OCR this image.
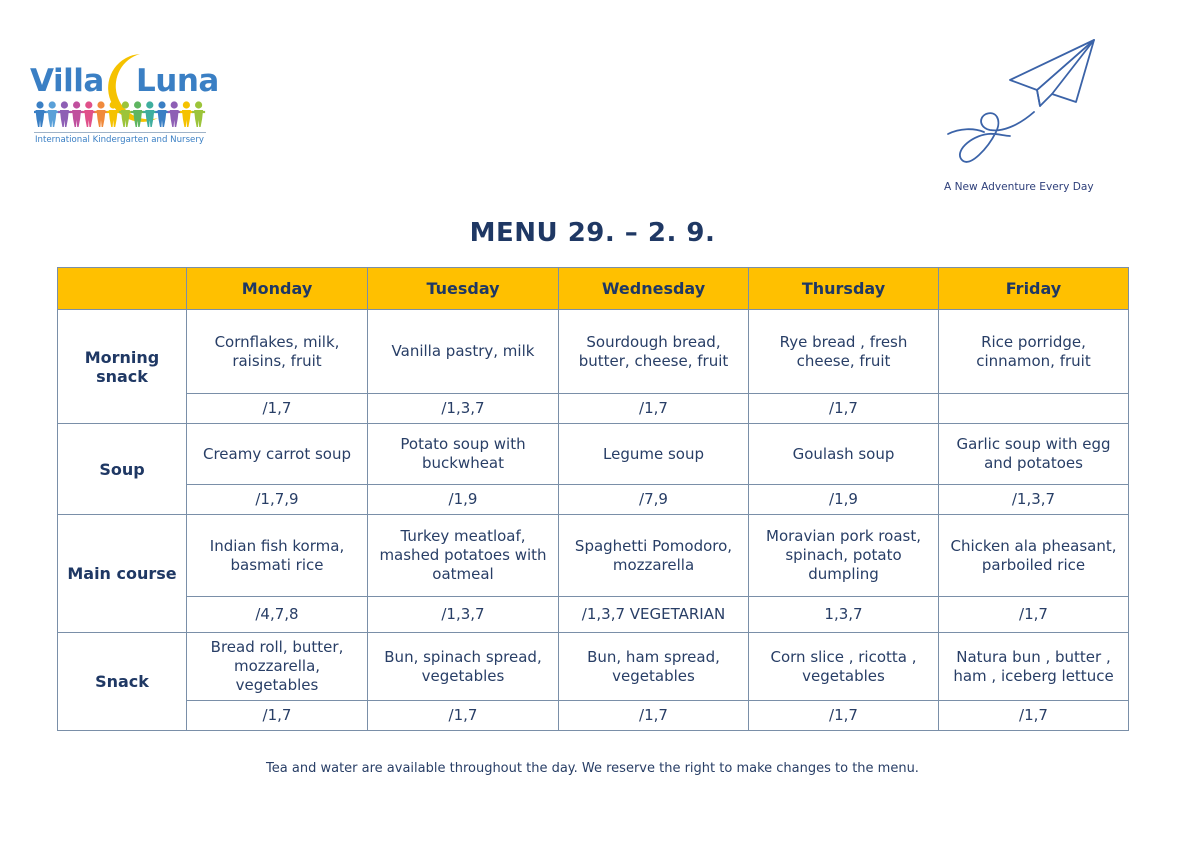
Villa Luna
International Kindergarten and Nursery
A New Adventure Every Day
MENU 29. – 2. 9.
	Monday	Tuesday	Wednesday	Thursday	Friday
Morning snack	Cornflakes, milk, raisins, fruit	Vanilla pastry, milk	Sourdough bread, butter, cheese, fruit	Rye bread , fresh cheese, fruit	Rice porridge, cinnamon, fruit
	/1,7	/1,3,7	/1,7	/1,7	
Soup	Creamy carrot soup	Potato soup with buckwheat	Legume soup	Goulash soup	Garlic soup with egg and potatoes
	/1,7,9	/1,9	/7,9	/1,9	/1,3,7
Main course	Indian fish korma, basmati rice	Turkey meatloaf, mashed potatoes with oatmeal	Spaghetti Pomodoro, mozzarella	Moravian pork roast, spinach, potato dumpling	Chicken ala pheasant, parboiled rice
	/4,7,8	/1,3,7	/1,3,7 VEGETARIAN	1,3,7	/1,7
Snack	Bread roll, butter, mozzarella, vegetables	Bun, spinach spread, vegetables	Bun, ham spread, vegetables	Corn slice , ricotta , vegetables	Natura bun , butter , ham , iceberg lettuce
	/1,7	/1,7	/1,7	/1,7	/1,7
Tea and water are available throughout the day. We reserve the right to make changes to the menu.
